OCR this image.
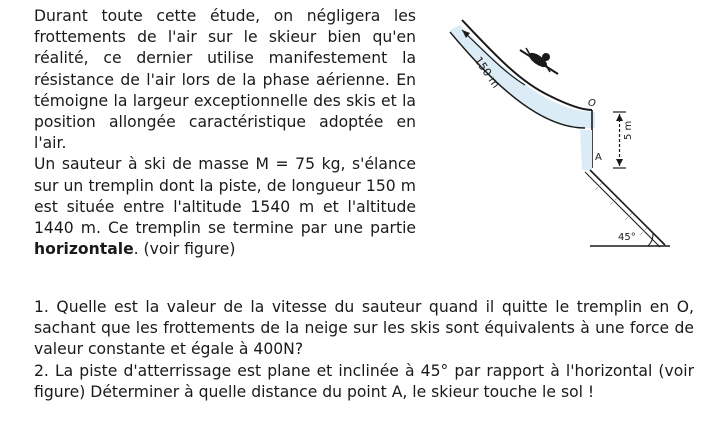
Durant toute cette étude, on négligera les frottements de l'air sur le skieur bien qu'en réalité, ce dernier utilise manifestement la résistance de l'air lors de la phase aérienne. En témoigne la largeur exceptionnelle des skis et la position allongée caractéristique adoptée en l'air.

Un sauteur à ski de masse M = 75 kg, s'élance sur un tremplin dont la piste, de longueur 150 m est située entre l'altitude 1540 m et l'altitude 1440 m. Ce tremplin se termine par une partie horizontale. (voir figure)

150 m
O
A
5 m
45°

1. Quelle est la valeur de la vitesse du sauteur quand il quitte le tremplin en O, sachant que les frottements de la neige sur les skis sont équivalents à une force de valeur constante et égale à 400N?

2. La piste d'atterrissage est plane et inclinée à 45° par rapport à l'horizontal (voir figure) Déterminer à quelle distance du point A, le skieur touche le sol !
